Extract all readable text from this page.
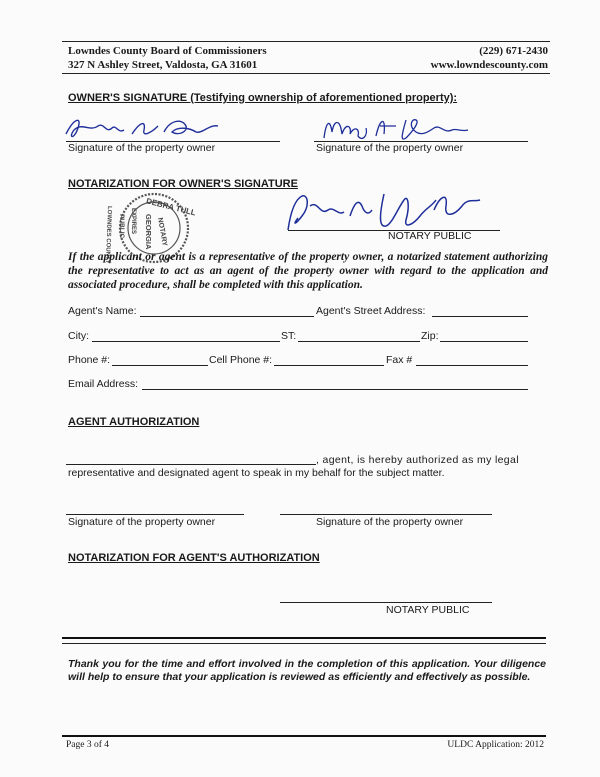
Lowndes County Board of Commissioners
327 N Ashley Street, Valdosta, GA 31601
(229) 671-2430
www.lowndescounty.com
OWNER'S SIGNATURE (Testifying ownership of aforementioned property):
Signature of the property owner	Signature of the property owner
NOTARIZATION FOR OWNER'S SIGNATURE
DEBRA TULL
NOTARY
GEORGIA
EXPIRES
PUBLIC
LOWNDES COUNTY	NOTARY PUBLIC
If the applicant or agent is a representative of the property owner, a notarized statement authorizing the representative to act as an agent of the property owner with regard to the application and associated procedure, shall be completed with this application.
Agent's Name:	Agent's Street Address:
City:	ST:	Zip:
Phone #:	Cell Phone #:	Fax #
Email Address:
AGENT AUTHORIZATION
, agent, is hereby authorized as my legal
representative and designated agent to speak in my behalf for the subject matter.
Signature of the property owner	Signature of the property owner
NOTARIZATION FOR AGENT'S AUTHORIZATION
NOTARY PUBLIC
Thank you for the time and effort involved in the completion of this application. Your diligence will help to ensure that your application is reviewed as efficiently and effectively as possible.
Page 3 of 4	ULDC Application: 2012
